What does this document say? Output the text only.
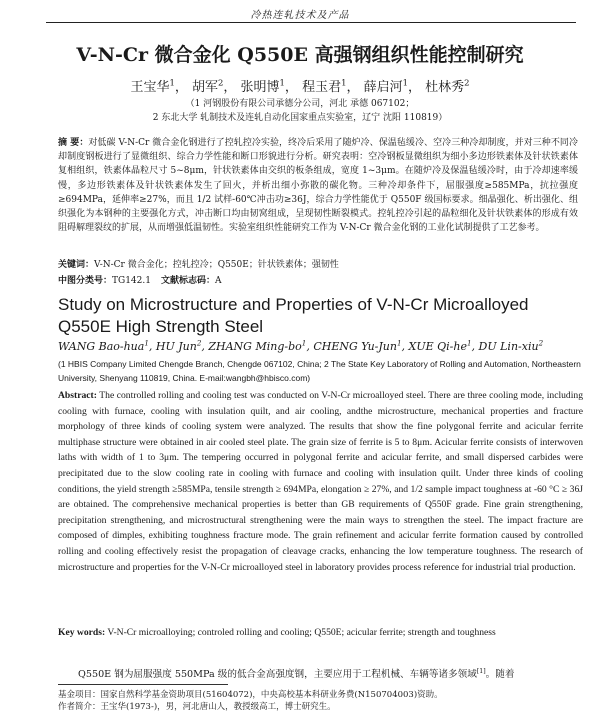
冷热连轧技术及产品
V-N-Cr 微合金化 Q550E 高强钢组织性能控制研究
王宝华$^1$， 胡军$^2$， 张明博$^1$， 程玉君$^1$， 薛启河$^1$， 杜林秀$^2$
（1 河钢股份有限公司承德分公司，河北 承德 067102；
2 东北大学 轧制技术及连轧自动化国家重点实验室，辽宁 沈阳 110819）
摘 要：对低碳 V-N-Cr 微合金化钢进行了控轧控冷实验，终冷后采用了随炉冷、保温毡缓冷、空冷三种冷却制度，并对三种不同冷却制度钢板进行了显微组织、综合力学性能和断口形貌进行分析。研究表明：空冷钢板显微组织为细小多边形铁素体及针状铁素体复相组织，铁素体晶粒尺寸 5~8μm，针状铁素体由交织的板条组成，宽度 1~3μm。在随炉冷及保温毡缓冷时，由于冷却速率缓慢，多边形铁素体及针状铁素体发生了回火，并析出细小弥散的碳化物。三种冷却条件下，屈服强度≥585MPa，抗拉强度≥694MPa，延伸率≥27%，而且 1/2 试样-60℃冲击功≥36J，综合力学性能优于 Q550F 级国标要求。细晶强化、析出强化、组织强化为本钢种的主要强化方式，冲击断口均由韧窝组成，呈现韧性断裂模式。控轧控冷引起的晶粒细化及针状铁素体的形成有效阻碍解理裂纹的扩展，从而增强低温韧性。实验室组织性能研究工作为 V-N-Cr 微合金化钢的工业化试制提供了工艺参考。
关键词：V-N-Cr 微合金化；控轧控冷；Q550E；针状铁素体；强韧性
中图分类号：TG142.1 文献标志码：A
Study on Microstructure and Properties of V-N-Cr Microalloyed Q550E High Strength Steel
WANG Bao-hua$^1$, HU Jun$^2$, ZHANG Ming-$bo^1$, CHENG Yu-Jun$^1$, XUE $Qi-he^1$, DU Lin-xiu$^2$
(1 HBIS Company Limited Chengde Branch, Chengde 067102, China; 2 The State Key Laboratory of Rolling and Automation, Northeastern University, Shenyang 110819, China. E-mail:wangbh@hbisco.com)
Abstract: The controlled rolling and cooling test was conducted on V-N-Cr microalloyed steel. There are three cooling mode, including cooling with furnace, cooling with insulation quilt, and air cooling, andthe microstructure, mechanical properties and fracture morphology of three kinds of cooling system were analyzed. The results that show the fine polygonal ferrite and acicular ferrite multiphase structure were obtained in air cooled steel plate. The grain size of ferrite is 5 to 8μm. Acicular ferrite consists of interwoven laths with width of 1 to 3μm. The tempering occurred in polygonal ferrite and acicular ferrite, and small dispersed carbides were precipitated due to the slow cooling rate in cooling with furnace and cooling with insulation quilt. Under three kinds of cooling conditions, the yield strength ≥585MPa, tensile strength ≥ 694MPa, elongation ≥ 27%, and 1/2 sample impact toughness at -60 °C ≥ 36J are obtained. The comprehensive mechanical properties is better than GB requirements of Q550F grade. Fine grain strengthening, precipitation strengthening, and microstructural strengthening were the main ways to strengthen the steel. The impact fracture are composed of dimples, exhibiting toughness fracture mode. The grain refinement and acicular ferrite formation caused by controlled rolling and cooling effectively resist the propagation of cleavage cracks, enhancing the low temperature toughness. The research of microstructure and properties for the V-N-Cr microalloyed steel in laboratory provides process reference for industrial trial production.
Key words: V-N-Cr microalloying; controled rolling and cooling; Q550E; acicular ferrite; strength and toughness
Q550E 钢为屈服强度 550MPa 级的低合金高强度钢，主要应用于工程机械、车辆等诸多领域[1]。随着
基金项目：国家自然科学基金资助项目(51604072)，中央高校基本科研业务费(N150704003)资助。
作者简介：王宝华(1973-)，男，河北唐山人，教授级高工，博士研究生。
